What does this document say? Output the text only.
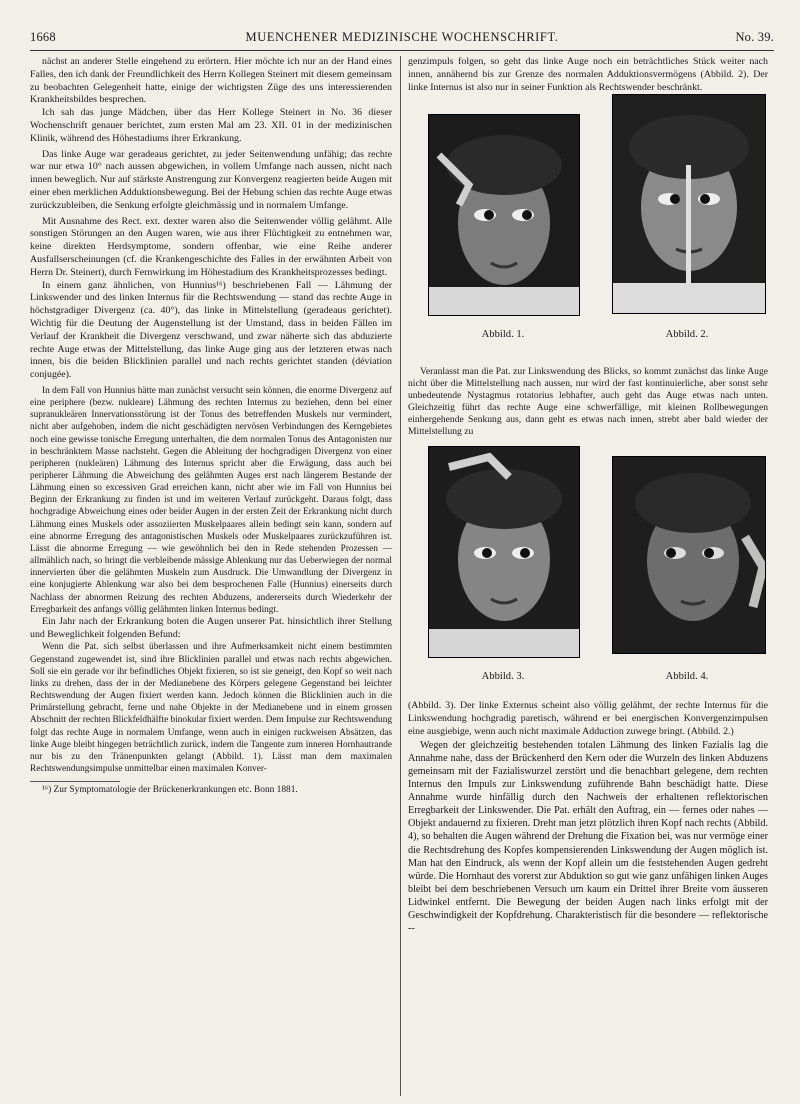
1668	MUENCHENER MEDIZINISCHE WOCHENSCHRIFT.	No. 39.

nächst an anderer Stelle eingehend zu erörtern. Hier möchte ich nur an der Hand eines Falles, den ich dank der Freundlichkeit des Herrn Kollegen Steinert mit diesem gemeinsam zu beobachten Gelegenheit hatte, einige der wichtigsten Züge des uns interessierenden Krankheitsbildes besprechen.

Ich sah das junge Mädchen, über das Herr Kollege Steinert in No. 36 dieser Wochenschrift genauer berichtet, zum ersten Mal am 23. XII. 01 in der medizinischen Klinik, während des Höhestadiums ihrer Erkrankung.

Das linke Auge war geradeaus gerichtet, zu jeder Seitenwendung unfähig; das rechte war nur etwa 10° nach aussen abgewichen, in vollem Umfange nach aussen, nicht nach innen beweglich. Nur auf stärkste Anstrengung zur Konvergenz reagierten beide Augen mit einer eben merklichen Adduktionsbewegung. Bei der Hebung schien das rechte Auge etwas zurückzubleiben, die Senkung erfolgte gleichmässig und in normalem Umfange.

Mit Ausnahme des Rect. ext. dexter waren also die Seitenwender völlig gelähmt. Alle sonstigen Störungen an den Augen waren, wie aus ihrer Flüchtigkeit zu entnehmen war, keine direkten Herdsymptome, sondern offenbar, wie eine Reihe anderer Ausfallserscheinungen (cf. die Krankengeschichte des Falles in der erwähnten Arbeit von Herrn Dr. Steinert), durch Fernwirkung im Höhestadium des Krankheitsprozesses bedingt.

In einem ganz ähnlichen, von Hunnius¹⁶) beschriebenen Fall — Lähmung der Linkswender und des linken Internus für die Rechtswendung — stand das rechte Auge in höchstgradiger Divergenz (ca. 40°), das linke in Mittelstellung (geradeaus gerichtet). Wichtig für die Deutung der Augenstellung ist der Umstand, dass in beiden Fällen im Verlauf der Krankheit die Divergenz verschwand, und zwar näherte sich das abduzierte rechte Auge etwas der Mittelstellung, das linke Auge ging aus der letzteren etwas nach innen, bis die beiden Blicklinien parallel und nach rechts gerichtet standen (déviation conjugée).

In dem Fall von Hunnius hätte man zunächst versucht sein können, die enorme Divergenz auf eine periphere (bezw. nukleare) Lähmung des rechten Internus zu beziehen, denn bei einer supranukleären Innervationsstörung ist der Tonus des betreffenden Muskels nur vermindert, nicht aber aufgehoben, indem die nicht geschädigten nervösen Verbindungen des Kerngebietes noch eine gewisse tonische Erregung unterhalten, die dem normalen Tonus des Antagonisten nur in beschränktem Masse nachsteht. Gegen die Ableitung der hochgradigen Divergenz von einer peripheren (nukleären) Lähmung des Internus spricht aber die Erwägung, dass auch bei peripherer Lähmung die Abweichung des gelähmten Auges erst nach längerem Bestande der Lähmung einen so excessiven Grad erreichen kann, nicht aber wie im Fall von Hunnius bei Beginn der Erkrankung zu finden ist und im weiteren Verlauf zurückgeht. Daraus folgt, dass hochgradige Abweichung eines oder beider Augen in der ersten Zeit der Erkrankung nicht durch Lähmung eines Muskels oder assoziierten Muskelpaares allein bedingt sein kann, sondern auf eine abnorme Erregung des antagonistischen Muskels oder Muskelpaares zurückzuführen ist. Lässt die abnorme Erregung — wie gewöhnlich bei den in Rede stehenden Prozessen — allmählich nach, so bringt die verbleibende mässige Ablenkung nur das Ueberwiegen der normal innervierten über die gelähmten Muskeln zum Ausdruck. Die Umwandlung der Divergenz in eine konjugierte Ablenkung war also bei dem besprochenen Falle (Hunnius) einerseits durch Nachlass der abnormen Reizung des rechten Abduzens, andererseits durch Wiederkehr der Erregbarkeit des anfangs völlig gelähmten linken Internus bedingt.

Ein Jahr nach der Erkrankung boten die Augen unserer Pat. hinsichtlich ihrer Stellung und Beweglichkeit folgenden Befund:

Wenn die Pat. sich selbst überlassen und ihre Aufmerksamkeit nicht einem bestimmten Gegenstand zugewendet ist, sind ihre Blicklinien parallel und etwas nach rechts abgewichen. Soll sie ein gerade vor ihr befindliches Objekt fixieren, so ist sie geneigt, den Kopf so weit nach links zu drehen, dass der in der Medianebene des Körpers gelegene Gegenstand bei leichter Rechtswendung der Augen fixiert werden kann. Jedoch können die Blicklinien auch in die Primärstellung gebracht, ferne und nahe Objekte in der Medianebene und in einem grossen Abschnitt der rechten Blickfeldhälfte binokular fixiert werden. Dem Impulse zur Rechtswendung folgt das rechte Auge in normalem Umfange, wenn auch in einigen ruckweisen Absätzen, das linke Auge bleibt hingegen beträchtlich zurück, indem die Tangente zum inneren Hornhautrande nur bis zu den Tränenpunkten gelangt (Abbild. 1). Lässt man dem maximalen Rechtswendungsimpulse unmittelbar einen maximalen Konver-

¹⁶) Zur Symptomatologie der Brückenerkrankungen etc. Bonn 1881.

genzimpuls folgen, so geht das linke Auge noch ein beträchtliches Stück weiter nach innen, annähernd bis zur Grenze des normalen Adduktionsvermögens (Abbild. 2). Der linke Internus ist also nur in seiner Funktion als Rechtswender beschränkt.

Abbild. 1.	Abbild. 2.

Veranlasst man die Pat. zur Linkswendung des Blicks, so kommt zunächst das linke Auge nicht über die Mittelstellung nach aussen, nur wird der fast kontinuierliche, aber sonst sehr unbedeutende Nystagmus rotatorius lebhafter, auch geht das Auge etwas nach unten. Gleichzeitig führt das rechte Auge eine schwerfällige, mit kleinen Rollbewegungen einhergehende Senkung aus, dann geht es etwas nach innen, strebt aber bald wieder der Mittelstellung zu

Abbild. 3.	Abbild. 4.

(Abbild. 3). Der linke Externus scheint also völlig gelähmt, der rechte Internus für die Linkswendung hochgradig paretisch, während er bei energischen Konvergenzimpulsen eine ausgiebige, wenn auch nicht maximale Adduction zuwege bringt. (Abbild. 2.)

Wegen der gleichzeitig bestehenden totalen Lähmung des linken Fazialis lag die Annahme nahe, dass der Brückenherd den Kern oder die Wurzeln des linken Abduzens gemeinsam mit der Fazialiswurzel zerstört und die benachbart gelegene, dem rechten Internus den Impuls zur Linkswendung zuführende Bahn beschädigt hatte. Diese Annahme wurde hinfällig durch den Nachweis der erhaltenen reflektorischen Erregbarkeit der Linkswender. Die Pat. erhält den Auftrag, ein — fernes oder nahes — Objekt andauernd zu fixieren. Dreht man jetzt plötzlich ihren Kopf nach rechts (Abbild. 4), so behalten die Augen während der Drehung die Fixation bei, was nur vermöge einer die Rechtsdrehung des Kopfes kompensierenden Linkswendung der Augen möglich ist. Man hat den Eindruck, als wenn der Kopf allein um die feststehenden Augen gedreht würde. Die Hornhaut des vorerst zur Abduktion so gut wie ganz unfähigen linken Auges bleibt bei dem beschriebenen Versuch um kaum ein Drittel ihrer Breite vom äusseren Lidwinkel entfernt. Die Bewegung der beiden Augen nach links erfolgt mit der Geschwindigkeit der Kopfdrehung. Charakteristisch für die besondere — reflektorische --
